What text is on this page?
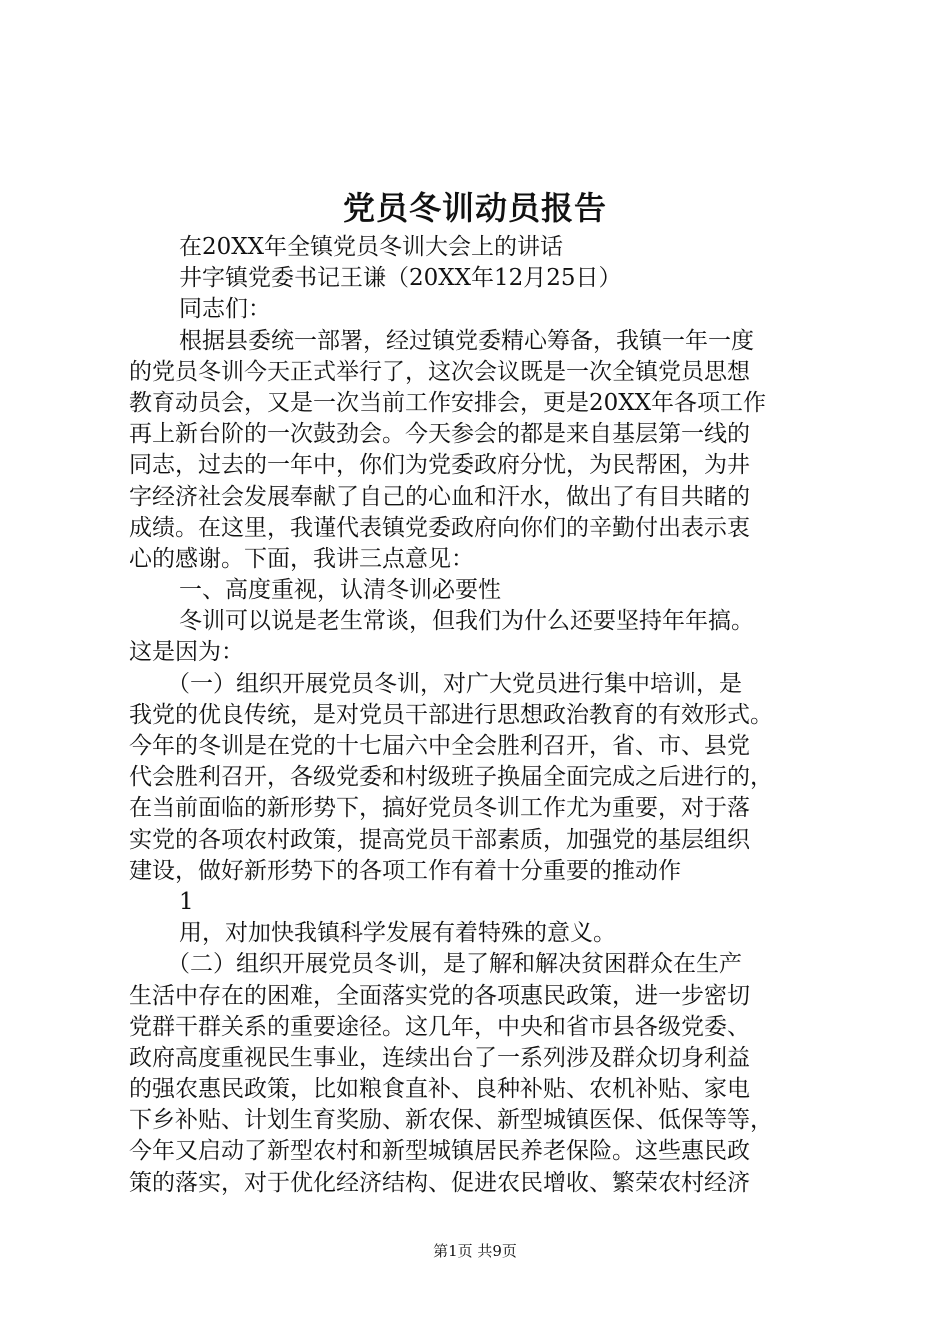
党员冬训动员报告
在20XX年全镇党员冬训大会上的讲话
井字镇党委书记王谦（20XX年12月25日）
同志们：
根据县委统一部署，经过镇党委精心筹备，我镇一年一度
的党员冬训今天正式举行了，这次会议既是一次全镇党员思想
教育动员会，又是一次当前工作安排会，更是20XX年各项工作
再上新台阶的一次鼓劲会。今天参会的都是来自基层第一线的
同志，过去的一年中，你们为党委政府分忧，为民帮困，为井
字经济社会发展奉献了自己的心血和汗水，做出了有目共睹的
成绩。在这里，我谨代表镇党委政府向你们的辛勤付出表示衷
心的感谢。下面，我讲三点意见：
一、高度重视，认清冬训必要性
冬训可以说是老生常谈，但我们为什么还要坚持年年搞。
这是因为：
（一）组织开展党员冬训，对广大党员进行集中培训，是
我党的优良传统，是对党员干部进行思想政治教育的有效形式。
今年的冬训是在党的十七届六中全会胜利召开，省、市、县党
代会胜利召开，各级党委和村级班子换届全面完成之后进行的，
在当前面临的新形势下，搞好党员冬训工作尤为重要，对于落
实党的各项农村政策，提高党员干部素质，加强党的基层组织
建设，做好新形势下的各项工作有着十分重要的推动作
1
用，对加快我镇科学发展有着特殊的意义。
（二）组织开展党员冬训，是了解和解决贫困群众在生产
生活中存在的困难，全面落实党的各项惠民政策，进一步密切
党群干群关系的重要途径。这几年，中央和省市县各级党委、
政府高度重视民生事业，连续出台了一系列涉及群众切身利益
的强农惠民政策，比如粮食直补、良种补贴、农机补贴、家电
下乡补贴、计划生育奖励、新农保、新型城镇医保、低保等等，
今年又启动了新型农村和新型城镇居民养老保险。这些惠民政
策的落实，对于优化经济结构、促进农民增收、繁荣农村经济
第1页 共9页
